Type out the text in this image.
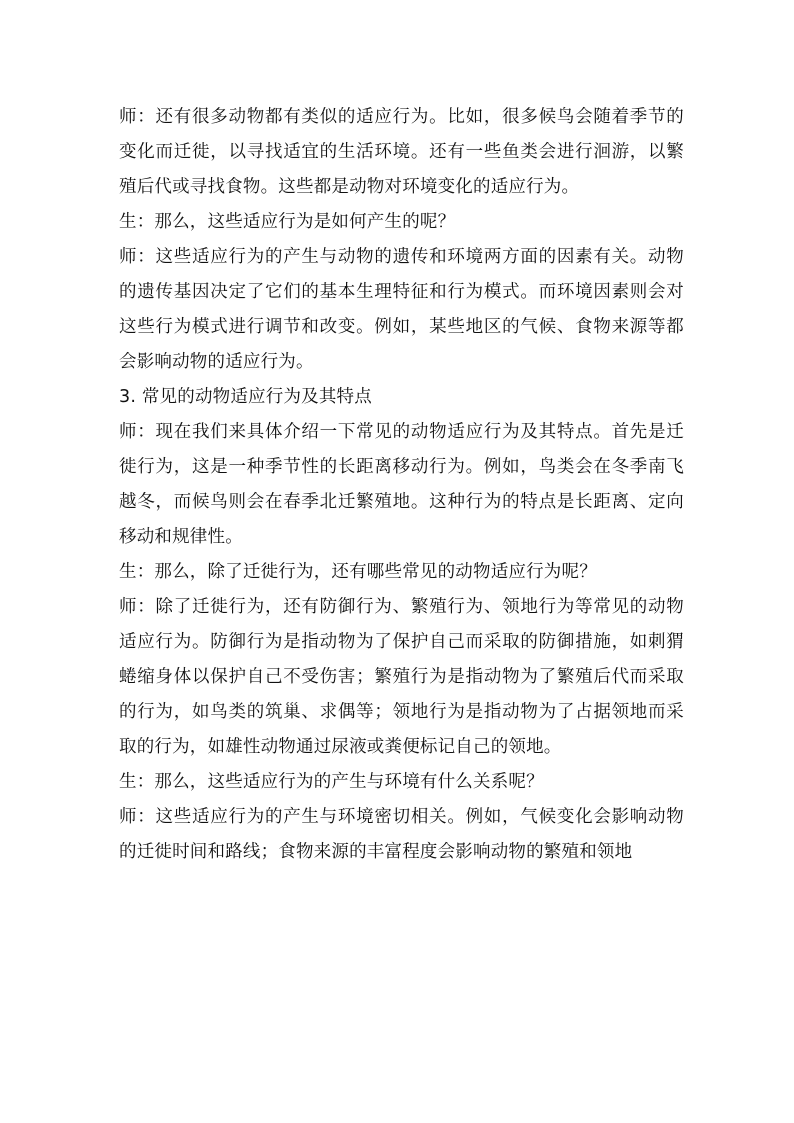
师：还有很多动物都有类似的适应行为。比如，很多候鸟会随着季节的变化而迁徙，以寻找适宜的生活环境。还有一些鱼类会进行洄游，以繁殖后代或寻找食物。这些都是动物对环境变化的适应行为。

生：那么，这些适应行为是如何产生的呢？

师：这些适应行为的产生与动物的遗传和环境两方面的因素有关。动物的遗传基因决定了它们的基本生理特征和行为模式。而环境因素则会对这些行为模式进行调节和改变。例如，某些地区的气候、食物来源等都会影响动物的适应行为。

3. 常见的动物适应行为及其特点

师：现在我们来具体介绍一下常见的动物适应行为及其特点。首先是迁徙行为，这是一种季节性的长距离移动行为。例如，鸟类会在冬季南飞越冬，而候鸟则会在春季北迁繁殖地。这种行为的特点是长距离、定向移动和规律性。

生：那么，除了迁徙行为，还有哪些常见的动物适应行为呢？

师：除了迁徙行为，还有防御行为、繁殖行为、领地行为等常见的动物适应行为。防御行为是指动物为了保护自己而采取的防御措施，如刺猬蜷缩身体以保护自己不受伤害；繁殖行为是指动物为了繁殖后代而采取的行为，如鸟类的筑巢、求偶等；领地行为是指动物为了占据领地而采取的行为，如雄性动物通过尿液或粪便标记自己的领地。

生：那么，这些适应行为的产生与环境有什么关系呢？

师：这些适应行为的产生与环境密切相关。例如，气候变化会影响动物的迁徙时间和路线；食物来源的丰富程度会影响动物的繁殖和领地
